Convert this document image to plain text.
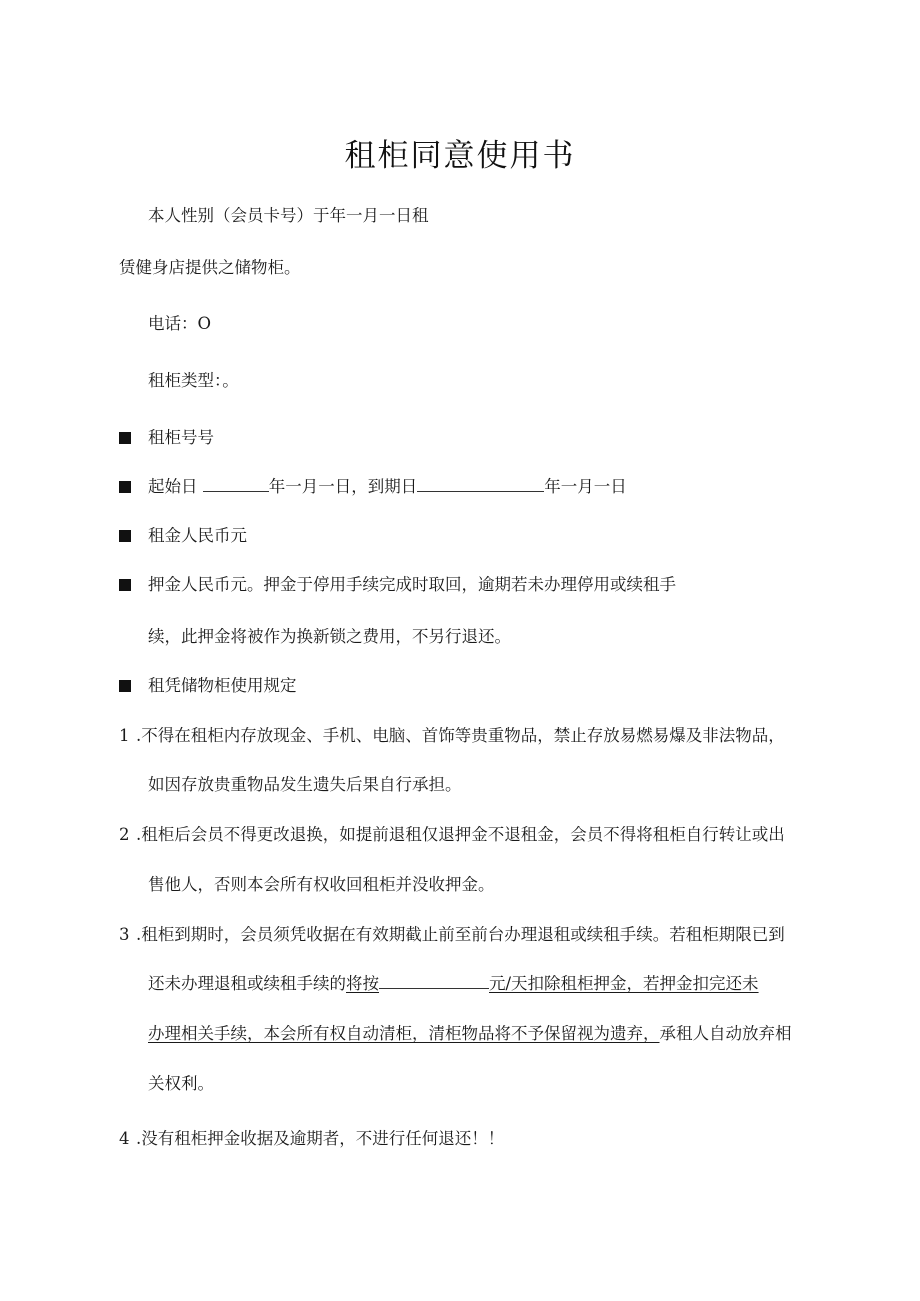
租柜同意使用书
本人性别（会员卡号）于年一月一日租
赁健身店提供之储物柜。
电话：O
租柜类型：。
租柜号号
起始日	年一月一日，到期日	年一月一日
租金人民币元
押金人民币元。押金于停用手续完成时取回，逾期若未办理停用或续租手
续，此押金将被作为换新锁之费用，不另行退还。
租凭储物柜使用规定
1 .不得在租柜内存放现金、手机、电脑、首饰等贵重物品，禁止存放易燃易爆及非法物品，
如因存放贵重物品发生遗失后果自行承担。
2 .租柜后会员不得更改退换，如提前退租仅退押金不退租金，会员不得将租柜自行转让或出
售他人，否则本会所有权收回租柜并没收押金。
3 .租柜到期时，会员须凭收据在有效期截止前至前台办理退租或续租手续。若租柜期限已到
还未办理退租或续租手续的将按	元/天扣除租柜押金，若押金扣完还未
办理相关手续，本会所有权自动清柜，清柜物品将不予保留视为遗弃，承租人自动放弃相
关权利。
4 .没有租柜押金收据及逾期者，不进行任何退还！！
